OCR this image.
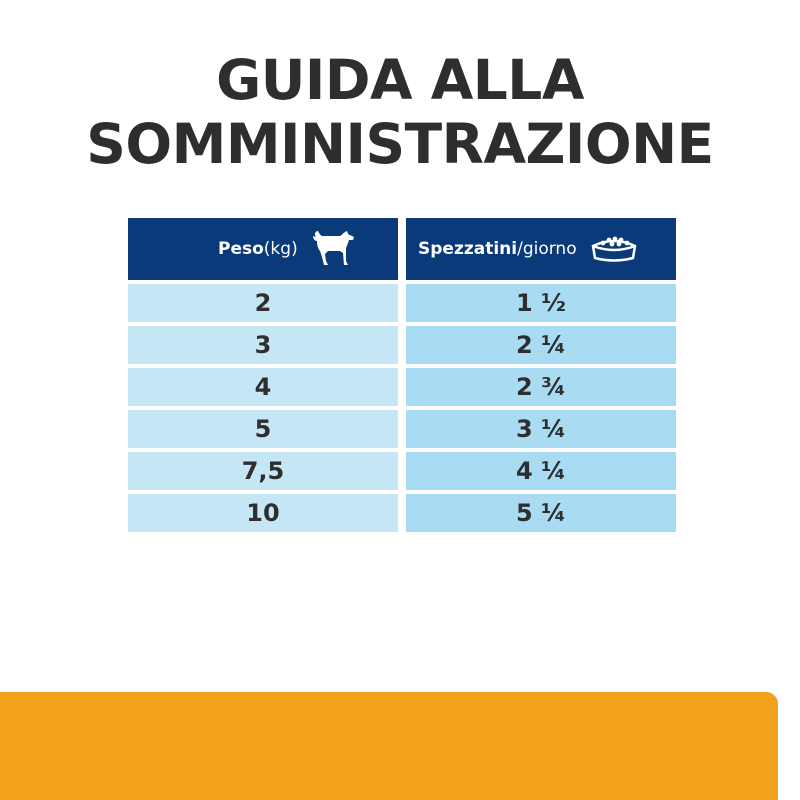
GUIDA ALLA
SOMMINISTRAZIONE
Peso (kg)
2
3
4
5
7,5
10
Spezzatini /giorno
1 ½
2 ¼
2 ¾
3 ¼
4 ¼
5 ¼
